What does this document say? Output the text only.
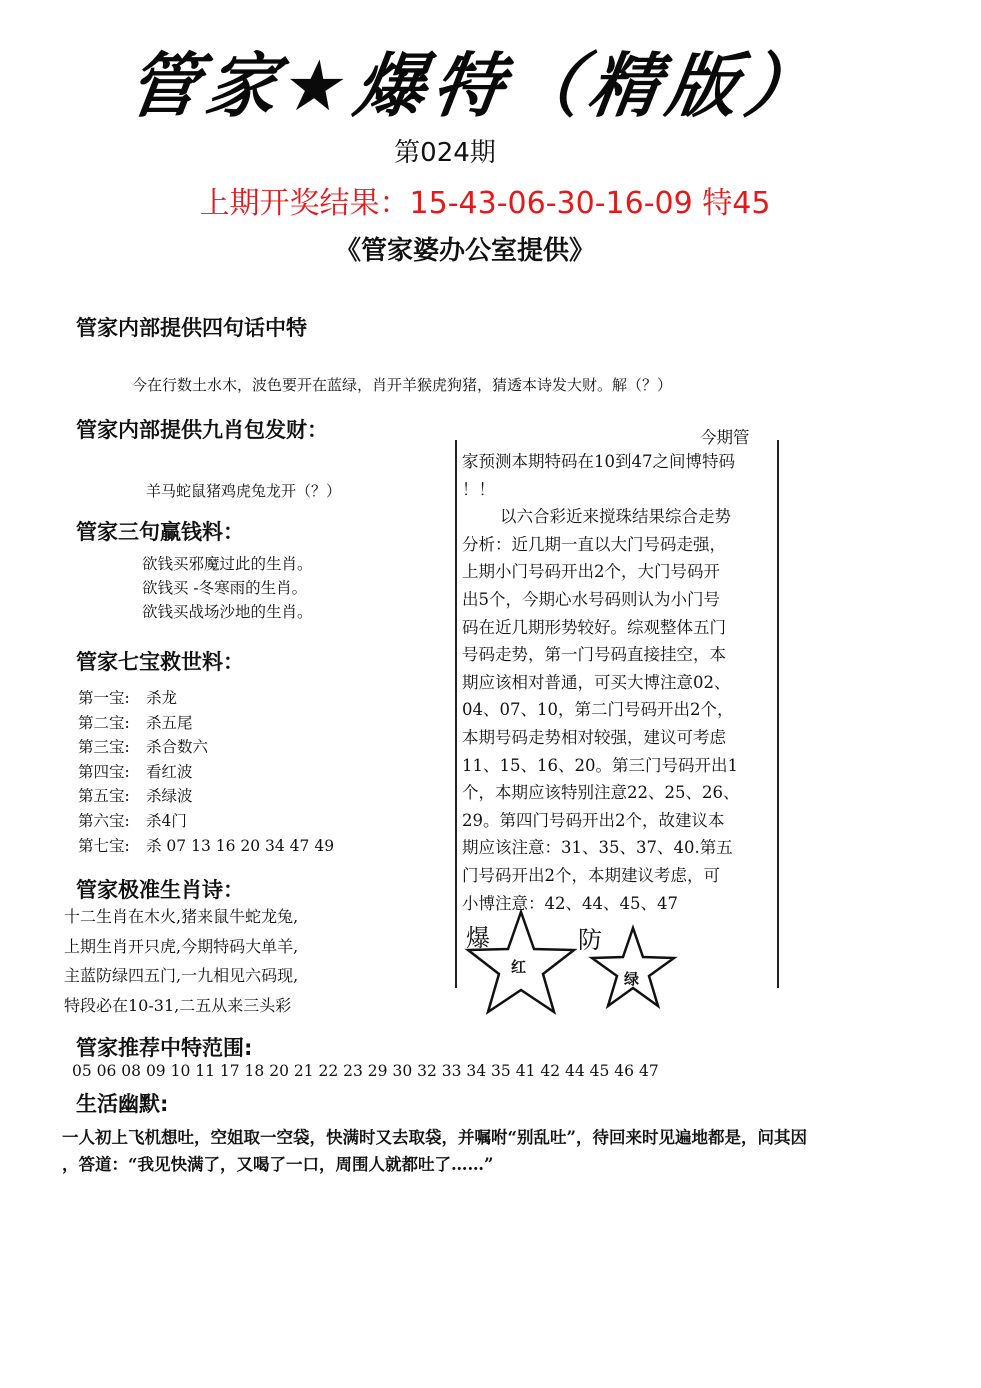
管家★爆特（精版）
第024期
上期开奖结果：15-43-06-30-16-09 特45
《管家婆办公室提供》
管家内部提供四句话中特
今在行数土水木，波色要开在蓝绿，肖开羊猴虎狗猪，猜透本诗发大财。解（？）
管家内部提供九肖包发财：
羊马蛇鼠猪鸡虎兔龙开（？）
管家三句赢钱料：
欲钱买邪魔过此的生肖。
欲钱买 -冬寒雨的生肖。
欲钱买战场沙地的生肖。
管家七宝救世料：
第一宝: 杀龙
第二宝: 杀五尾
第三宝: 杀合数六
第四宝: 看红波
第五宝: 杀绿波
第六宝: 杀4门
第七宝: 杀 07 13 16 20 34 47 49
管家极准生肖诗：
十二生肖在木火,猪来鼠牛蛇龙兔,
上期生肖开只虎,今期特码大单羊,
主蓝防绿四五门,一九相见六码现,
特段必在10-31,二五从来三头彩
今期管
家预测本期特码在10到47之间博特码
！！
以六合彩近来搅珠结果综合走势
分析：近几期一直以大门号码走强，
上期小门号码开出2个，大门号码开
出5个，今期心水号码则认为小门号
码在近几期形势较好。综观整体五门
号码走势，第一门号码直接挂空，本
期应该相对普通，可买大博注意02、
04、07、10，第二门号码开出2个，
本期号码走势相对较强，建议可考虑
11、15、16、20。第三门号码开出1
个，本期应该特别注意22、25、26、
29。第四门号码开出2个，故建议本
期应该注意：31、35、37、40.第五
门号码开出2个，本期建议考虑，可
小博注意：42、44、45、47
爆
红
防
绿
管家推荐中特范围:
05 06 08 09 10 11 17 18 20 21 22 23 29 30 32 33 34 35 41 42 44 45 46 47
生活幽默:
一人初上飞机想吐，空姐取一空袋，快满时又去取袋，并嘱咐“别乱吐”，待回来时见遍地都是，问其因
，答道：“我见快满了，又喝了一口，周围人就都吐了……”
